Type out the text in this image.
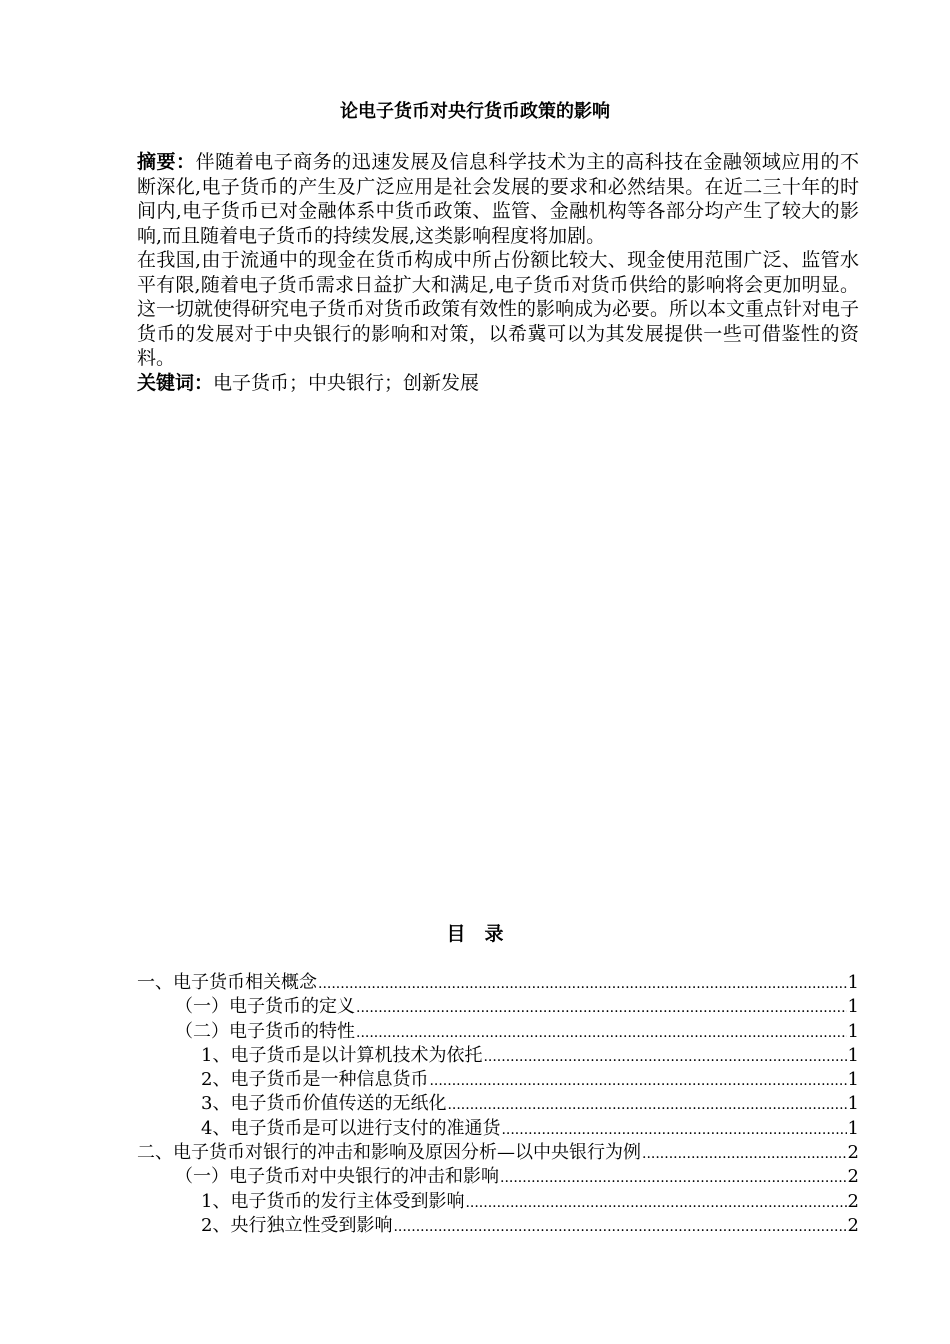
论电子货币对央行货币政策的影响

摘要：伴随着电子商务的迅速发展及信息科学技术为主的高科技在金融领域应用的不断深化,电子货币的产生及广泛应用是社会发展的要求和必然结果。在近二三十年的时间内,电子货币已对金融体系中货币政策、监管、金融机构等各部分均产生了较大的影响,而且随着电子货币的持续发展,这类影响程度将加剧。

在我国,由于流通中的现金在货币构成中所占份额比较大、现金使用范围广泛、监管水平有限,随着电子货币需求日益扩大和满足,电子货币对货币供给的影响将会更加明显。这一切就使得研究电子货币对货币政策有效性的影响成为必要。所以本文重点针对电子货币的发展对于中央银行的影响和对策，以希冀可以为其发展提供一些可借鉴性的资料。

关键词：电子货币；中央银行；创新发展

目　录
一、电子货币相关概念 .....	1
（一）电子货币的定义 .....	1
（二）电子货币的特性 .....	1
1、电子货币是以计算机技术为依托 .....	1
2、电子货币是一种信息货币 .....	1
3、电子货币价值传送的无纸化 .....	1
4、电子货币是可以进行支付的准通货 .....	1
二、电子货币对银行的冲击和影响及原因分析—以中央银行为例 .....	2
（一）电子货币对中央银行的冲击和影响 .....	2
1、电子货币的发行主体受到影响 .....	2
2、央行独立性受到影响 .....	2
